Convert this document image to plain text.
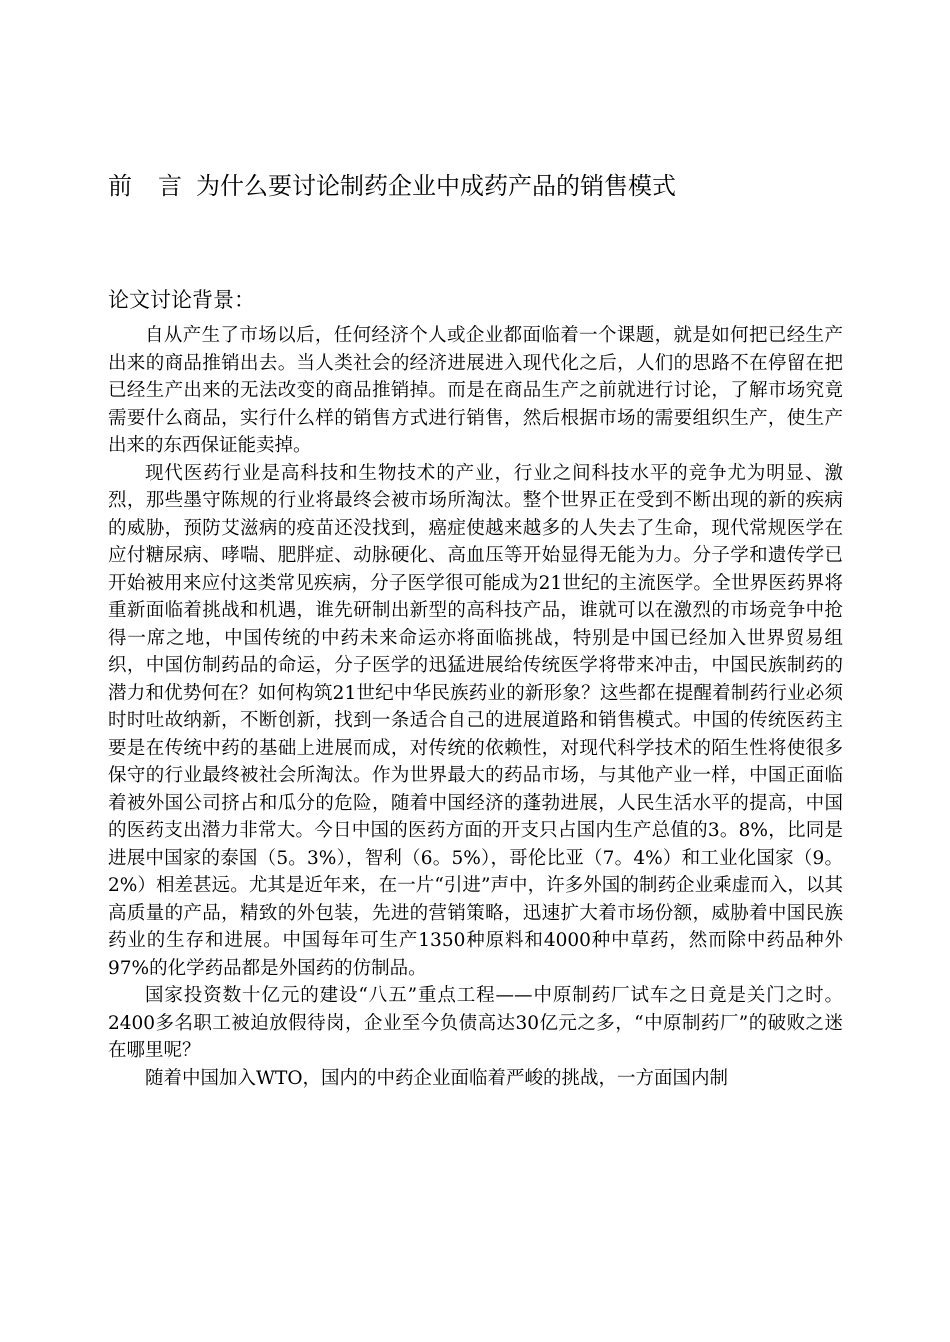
前 言 为什么要讨论制药企业中成药产品的销售模式
论文讨论背景：

自从产生了市场以后，任何经济个人或企业都面临着一个课题，就是如何把已经生产出来的商品推销出去。当人类社会的经济进展进入现代化之后，人们的思路不在停留在把已经生产出来的无法改变的商品推销掉。而是在商品生产之前就进行讨论，了解市场究竟需要什么商品，实行什么样的销售方式进行销售，然后根据市场的需要组织生产，使生产出来的东西保证能卖掉。

现代医药行业是高科技和生物技术的产业，行业之间科技水平的竞争尤为明显、激烈，那些墨守陈规的行业将最终会被市场所淘汰。整个世界正在受到不断出现的新的疾病的威胁，预防艾滋病的疫苗还没找到，癌症使越来越多的人失去了生命，现代常规医学在应付糖尿病、哮喘、肥胖症、动脉硬化、高血压等开始显得无能为力。分子学和遗传学已开始被用来应付这类常见疾病，分子医学很可能成为21世纪的主流医学。全世界医药界将重新面临着挑战和机遇，谁先研制出新型的高科技产品，谁就可以在激烈的市场竞争中抢得一席之地，中国传统的中药未来命运亦将面临挑战，特别是中国已经加入世界贸易组织，中国仿制药品的命运，分子医学的迅猛进展给传统医学将带来冲击，中国民族制药的潜力和优势何在？如何构筑21世纪中华民族药业的新形象？这些都在提醒着制药行业必须时时吐故纳新，不断创新，找到一条适合自己的进展道路和销售模式。中国的传统医药主要是在传统中药的基础上进展而成，对传统的依赖性，对现代科学技术的陌生性将使很多保守的行业最终被社会所淘汰。作为世界最大的药品市场，与其他产业一样，中国正面临着被外国公司挤占和瓜分的危险，随着中国经济的蓬勃进展，人民生活水平的提高，中国的医药支出潜力非常大。今日中国的医药方面的开支只占国内生产总值的3。8%，比同是进展中国家的泰国（5。3%），智利（6。5%），哥伦比亚（7。4%）和工业化国家（9。2%）相差甚远。尤其是近年来，在一片“引进”声中，许多外国的制药企业乘虚而入，以其高质量的产品，精致的外包装，先进的营销策略，迅速扩大着市场份额，威胁着中国民族药业的生存和进展。中国每年可生产1350种原料和4000种中草药，然而除中药品种外97%的化学药品都是外国药的仿制品。

国家投资数十亿元的建设“八五”重点工程——中原制药厂试车之日竟是关门之时。2400多名职工被迫放假待岗，企业至今负债高达30亿元之多，“中原制药厂”的破败之迷在哪里呢？

随着中国加入WTO，国内的中药企业面临着严峻的挑战，一方面国内制
